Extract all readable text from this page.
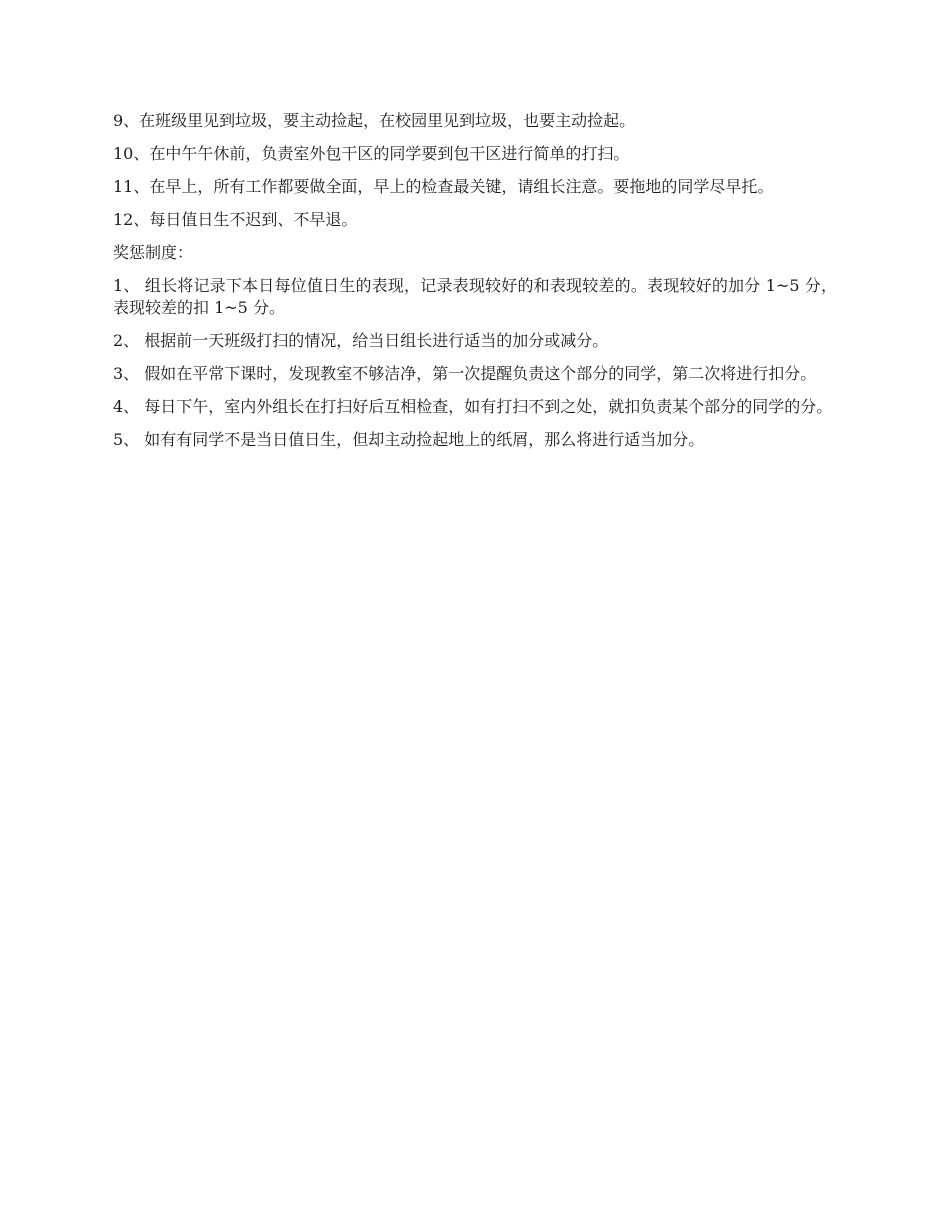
9、在班级里见到垃圾，要主动捡起，在校园里见到垃圾，也要主动捡起。

10、在中午午休前，负责室外包干区的同学要到包干区进行简单的打扫。

11、在早上，所有工作都要做全面，早上的检查最关键，请组长注意。要拖地的同学尽早托。

12、每日值日生不迟到、不早退。

奖惩制度：

1、 组长将记录下本日每位值日生的表现，记录表现较好的和表现较差的。表现较好的加分 1~5 分，表现较差的扣 1~5 分。

2、 根据前一天班级打扫的情况，给当日组长进行适当的加分或减分。

3、 假如在平常下课时，发现教室不够洁净，第一次提醒负责这个部分的同学，第二次将进行扣分。

4、 每日下午，室内外组长在打扫好后互相检查，如有打扫不到之处，就扣负责某个部分的同学的分。

5、 如有有同学不是当日值日生，但却主动捡起地上的纸屑，那么将进行适当加分。
